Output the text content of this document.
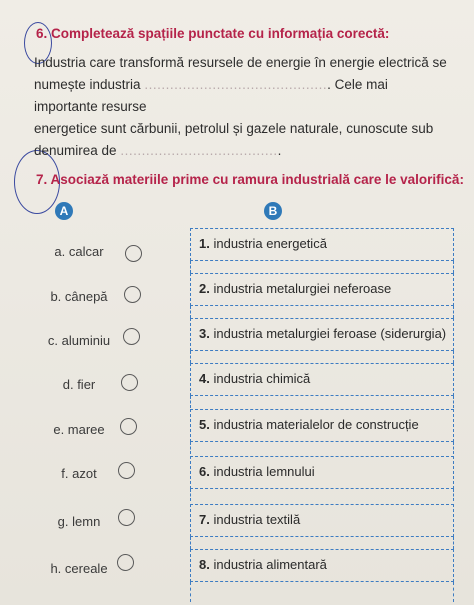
6. Completează spațiile punctate cu informația corectă:
Industria care transformă resursele de energie în energie electrică se
numește industria ............................................ Cele mai importante resurse
energetice sunt cărbunii, petrolul și gazele naturale, cunoscute sub
denumirea de ......................................
7. Asociază materiile prime cu ramura industrială care le valorifică:
A	B
a. calcar
b. cânepă
c. aluminiu
d. fier
e. maree
f. azot
g. lemn
h. cereale
1. industria energetică
2. industria metalurgiei neferoase
3. industria metalurgiei feroase (siderurgia)
4. industria chimică
5. industria materialelor de construcție
6. industria lemnului
7. industria textilă
8. industria alimentară
